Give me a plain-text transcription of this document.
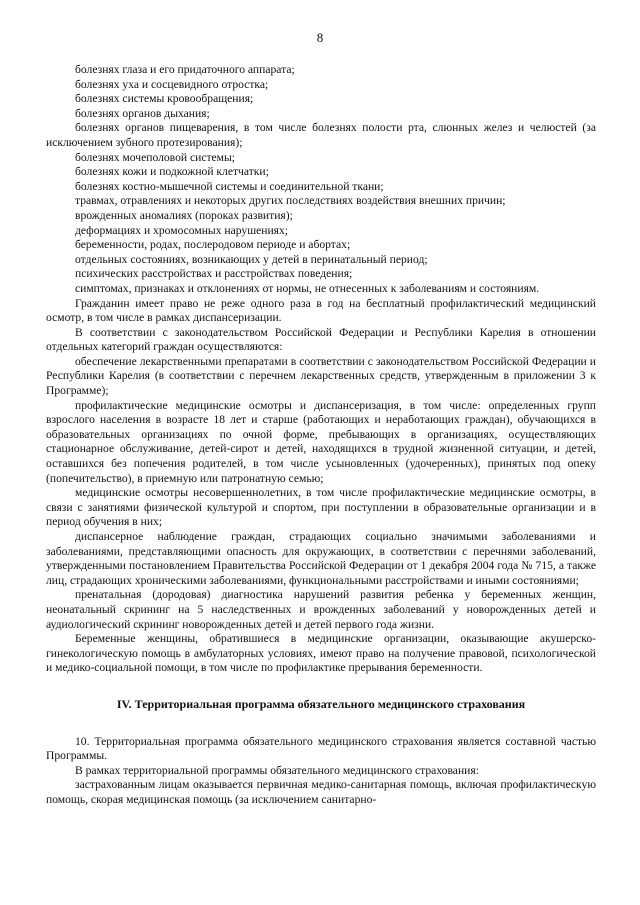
8

болезнях глаза и его придаточного аппарата;

болезнях уха и сосцевидного отростка;

болезнях системы кровообращения;

болезнях органов дыхания;

болезнях органов пищеварения, в том числе болезнях полости рта, слюнных желез и челюстей (за исключением зубного протезирования);

болезнях мочеполовой системы;

болезнях кожи и подкожной клетчатки;

болезнях костно-мышечной системы и соединительной ткани;

травмах, отравлениях и некоторых других последствиях воздействия внешних причин;

врожденных аномалиях (пороках развития);

деформациях и хромосомных нарушениях;

беременности, родах, послеродовом периоде и абортах;

отдельных состояниях, возникающих у детей в перинатальный период;

психических расстройствах и расстройствах поведения;

симптомах, признаках и отклонениях от нормы, не отнесенных к заболеваниям и состояниям.

Гражданин имеет право не реже одного раза в год на бесплатный профилактический медицинский осмотр, в том числе в рамках диспансеризации.

В соответствии с законодательством Российской Федерации и Республики Карелия в отношении отдельных категорий граждан осуществляются:

обеспечение лекарственными препаратами в соответствии с законодательством Российской Федерации и Республики Карелия (в соответствии с перечнем лекарственных средств, утвержденным в приложении 3 к Программе);

профилактические медицинские осмотры и диспансеризация, в том числе: определенных групп взрослого населения в возрасте 18 лет и старше (работающих и неработающих граждан), обучающихся в образовательных организациях по очной форме, пребывающих в организациях, осуществляющих стационарное обслуживание, детей-сирот и детей, находящихся в трудной жизненной ситуации, и детей, оставшихся без попечения родителей, в том числе усыновленных (удочеренных), принятых под опеку (попечительство), в приемную или патронатную семью;

медицинские осмотры несовершеннолетних, в том числе профилактические медицинские осмотры, в связи с занятиями физической культурой и спортом, при поступлении в образовательные организации и в период обучения в них;

диспансерное наблюдение граждан, страдающих социально значимыми заболеваниями и заболеваниями, представляющими опасность для окружающих, в соответствии с перечнями заболеваний, утвержденными постановлением Правительства Российской Федерации от 1 декабря 2004 года № 715, а также лиц, страдающих хроническими заболеваниями, функциональными расстройствами и иными состояниями;

пренатальная (дородовая) диагностика нарушений развития ребенка у беременных женщин, неонатальный скрининг на 5 наследственных и врожденных заболеваний у новорожденных детей и аудиологический скрининг новорожденных детей и детей первого года жизни.

Беременные женщины, обратившиеся в медицинские организации, оказывающие акушерско-гинекологическую помощь в амбулаторных условиях, имеют право на получение правовой, психологической и медико-социальной помощи, в том числе по профилактике прерывания беременности.

IV. Территориальная программа обязательного медицинского страхования

10. Территориальная программа обязательного медицинского страхования является составной частью Программы.

В рамках территориальной программы обязательного медицинского страхования:

застрахованным лицам оказывается первичная медико-санитарная помощь, включая профилактическую помощь, скорая медицинская помощь (за исключением санитарно-
